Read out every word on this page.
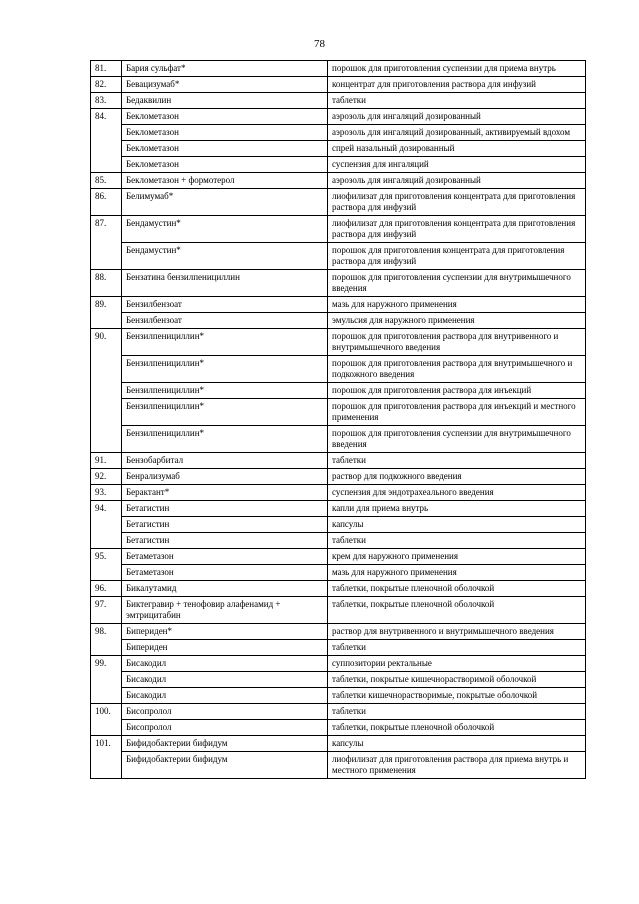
78
81.	Бария сульфат*	порошок для приготовления суспензии для приема внутрь
82.	Бевацизумаб*	концентрат для приготовления раствора для инфузий
83.	Бедаквилин	таблетки
84.	Беклометазон	аэрозоль для ингаляций дозированный
	Беклометазон	аэрозоль для ингаляций дозированный, активируемый вдохом
	Беклометазон	спрей назальный дозированный
	Беклометазон	суспензия для ингаляций
85.	Беклометазон + формотерол	аэрозоль для ингаляций дозированный
86.	Белимумаб*	лиофилизат для приготовления концентрата для приготовления раствора для инфузий
87.	Бендамустин*	лиофилизат для приготовления концентрата для приготовления раствора для инфузий
	Бендамустин*	порошок для приготовления концентрата для приготовления раствора для инфузий
88.	Бензатина бензилпенициллин	порошок для приготовления суспензии для внутримышечного введения
89.	Бензилбензоат	мазь для наружного применения
	Бензилбензоат	эмульсия для наружного применения
90.	Бензилпенициллин*	порошок для приготовления раствора для внутривенного и внутримышечного введения
	Бензилпенициллин*	порошок для приготовления раствора для внутримышечного и подкожного введения
	Бензилпенициллин*	порошок для приготовления раствора для инъекций
	Бензилпенициллин*	порошок для приготовления раствора для инъекций и местного применения
	Бензилпенициллин*	порошок для приготовления суспензии для внутримышечного введения
91.	Бензобарбитал	таблетки
92.	Бенрализумаб	раствор для подкожного введения
93.	Берактант*	суспензия для эндотрахеального введения
94.	Бетагистин	капли для приема внутрь
	Бетагистин	капсулы
	Бетагистин	таблетки
95.	Бетаметазон	крем для наружного применения
	Бетаметазон	мазь для наружного применения
96.	Бикалутамид	таблетки, покрытые пленочной оболочкой
97.	Биктегравир + тенофовир алафенамид + эмтрицитабин	таблетки, покрытые пленочной оболочкой
98.	Бипериден*	раствор для внутривенного и внутримышечного введения
	Бипериден	таблетки
99.	Бисакодил	суппозитории ректальные
	Бисакодил	таблетки, покрытые кишечнорастворимой оболочкой
	Бисакодил	таблетки кишечнорастворимые, покрытые оболочкой
100.	Бисопролол	таблетки
	Бисопролол	таблетки, покрытые пленочной оболочкой
101.	Бифидобактерии бифидум	капсулы
	Бифидобактерии бифидум	лиофилизат для приготовления раствора для приема внутрь и местного применения
